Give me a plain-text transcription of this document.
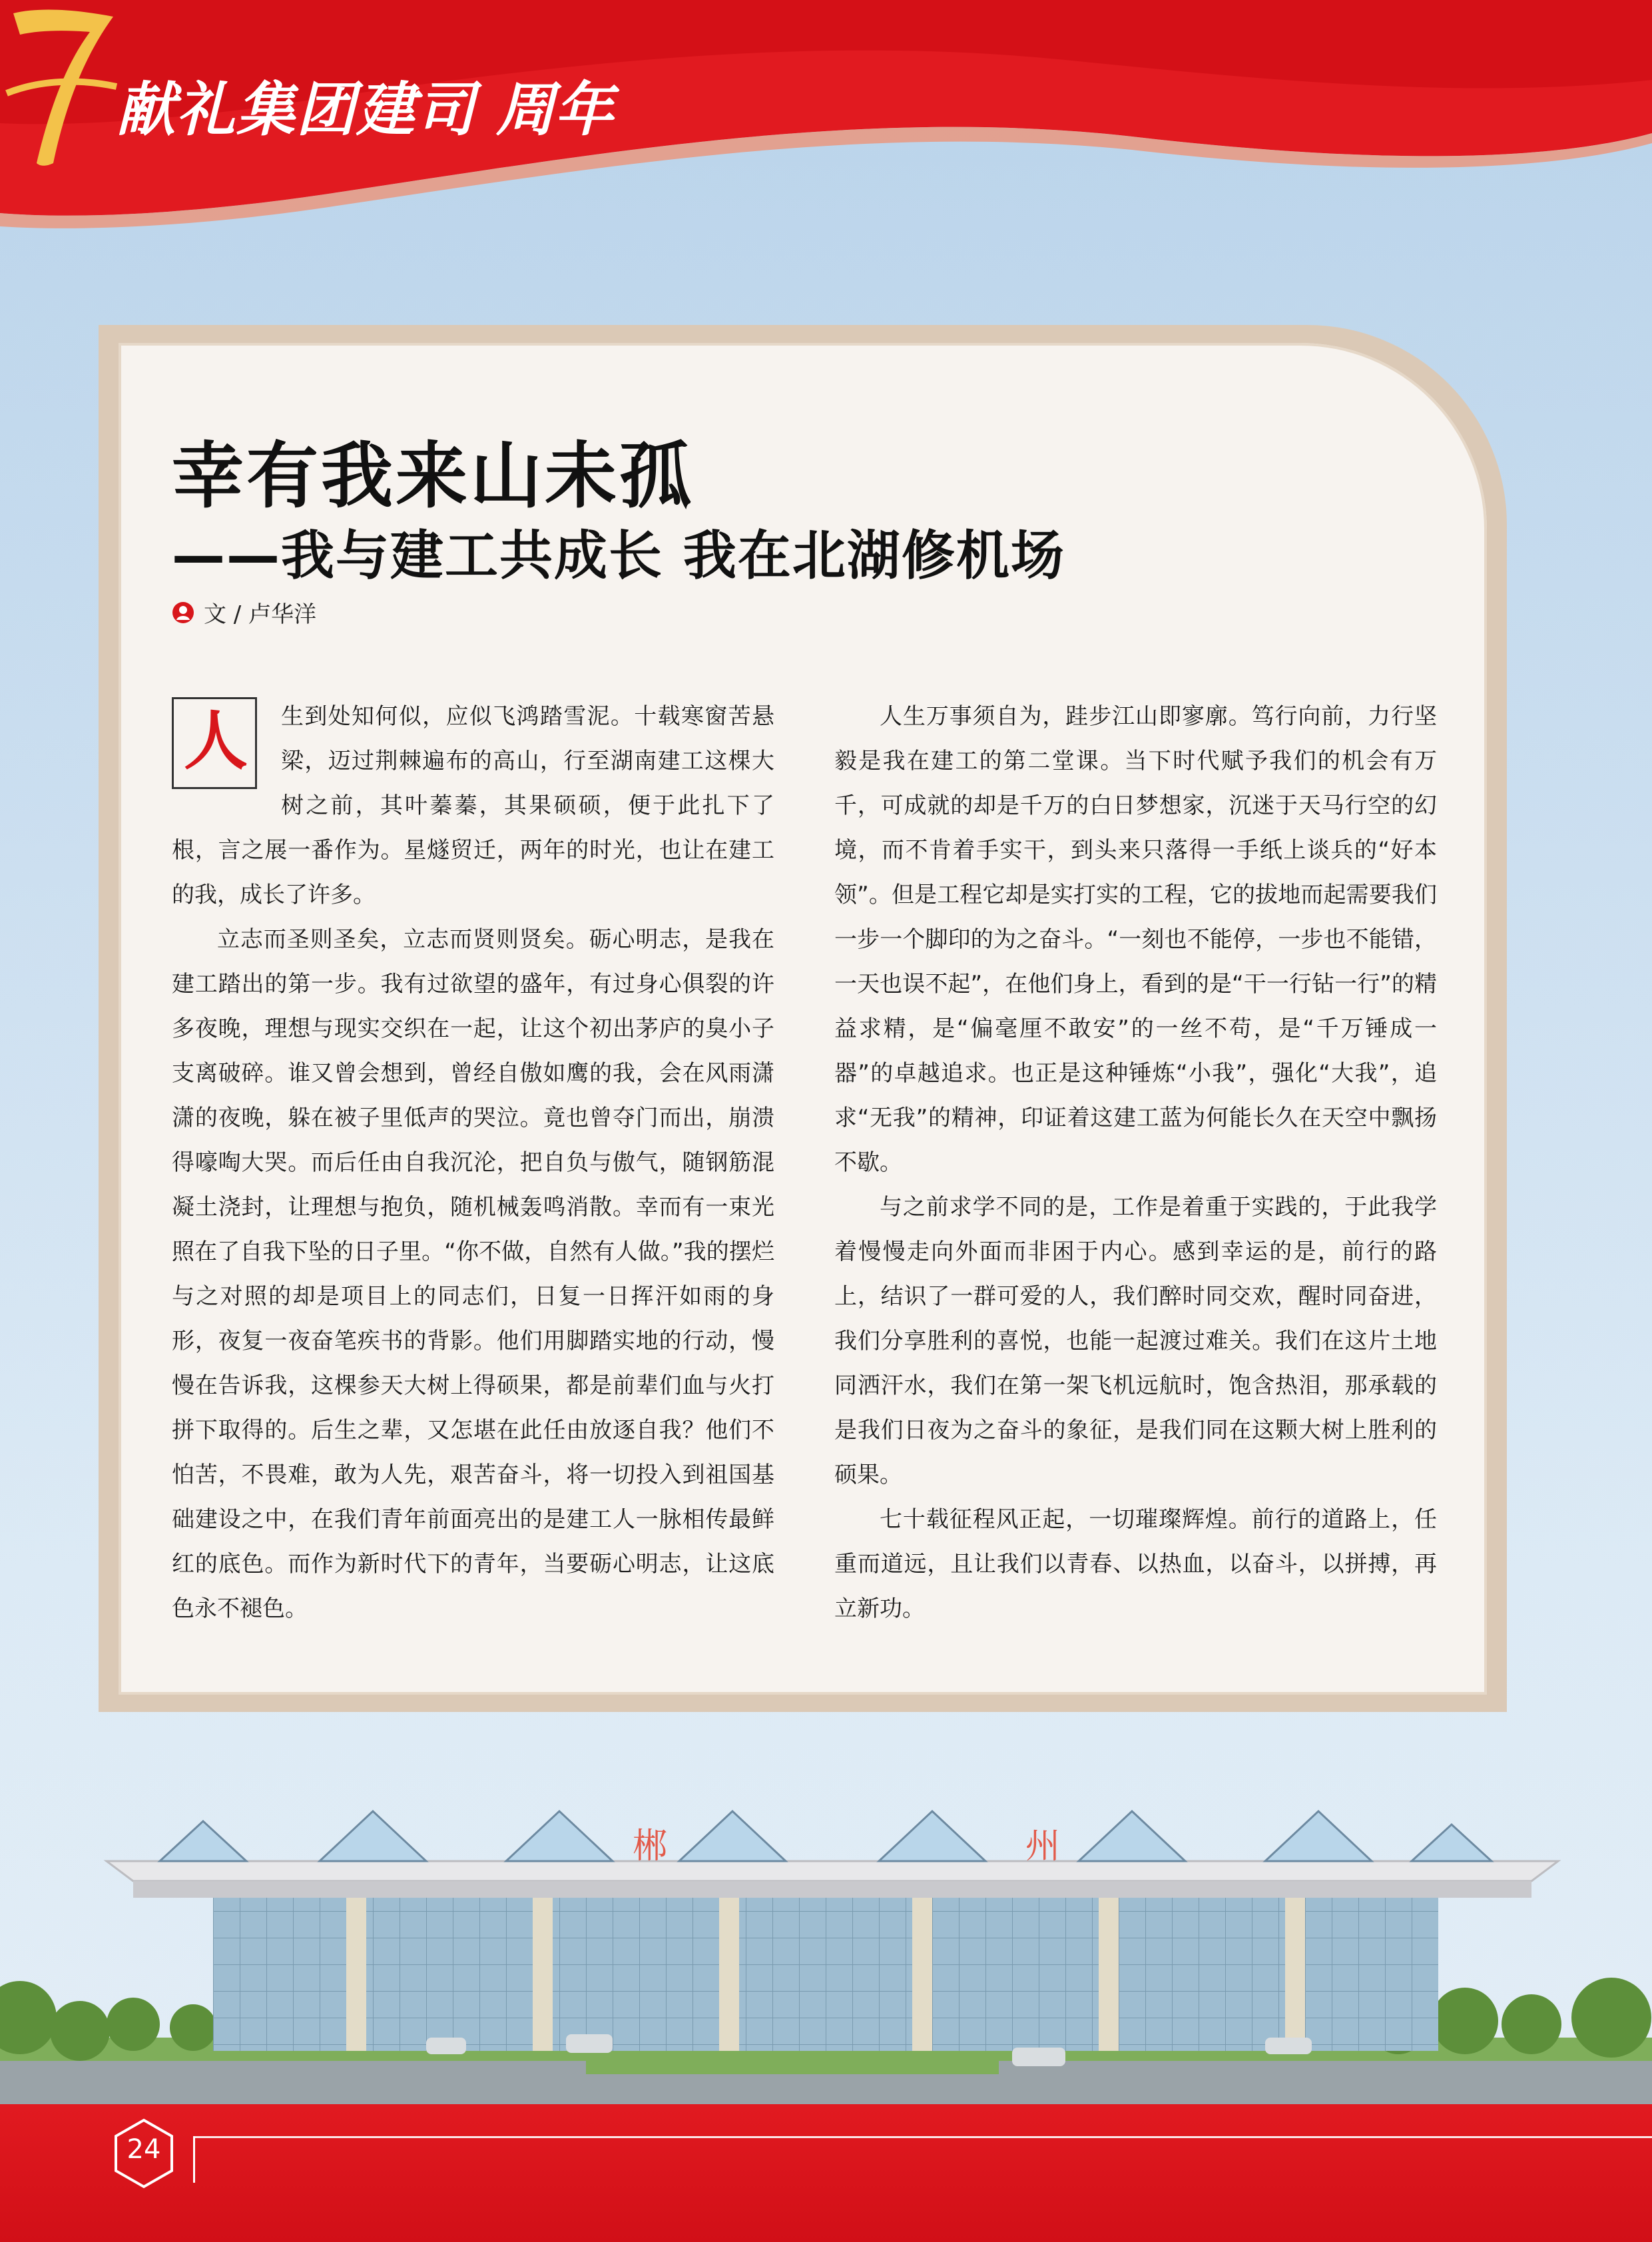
献礼集团建司 周年
幸有我来山未孤
——我与建工共成长 我在北湖修机场
文 / 卢华洋

人 生到处知何似，应似飞鸿踏雪泥。十载寒窗苦悬梁，迈过荆棘遍布的高山，行至湖南建工这棵大树之前，其叶蓁蓁，其果硕硕，便于此扎下了根，言之展一番作为。星燧贸迁，两年的时光，也让在建工的我，成长了许多。

立志而圣则圣矣，立志而贤则贤矣。砺心明志，是我在建工踏出的第一步。我有过欲望的盛年，有过身心俱裂的许多夜晚，理想与现实交织在一起，让这个初出茅庐的臭小子支离破碎。谁又曾会想到，曾经自傲如鹰的我，会在风雨潇潇的夜晚，躲在被子里低声的哭泣。竟也曾夺门而出，崩溃得嚎啕大哭。而后任由自我沉沦，把自负与傲气，随钢筋混凝土浇封，让理想与抱负，随机械轰鸣消散。幸而有一束光照在了自我下坠的日子里。“你不做，自然有人做。”我的摆烂与之对照的却是项目上的同志们，日复一日挥汗如雨的身形，夜复一夜奋笔疾书的背影。他们用脚踏实地的行动，慢慢在告诉我，这棵参天大树上得硕果，都是前辈们血与火打拼下取得的。后生之辈，又怎堪在此任由放逐自我？他们不怕苦，不畏难，敢为人先，艰苦奋斗，将一切投入到祖国基础建设之中，在我们青年前面亮出的是建工人一脉相传最鲜红的底色。而作为新时代下的青年，当要砺心明志，让这底色永不褪色。

人生万事须自为，跬步江山即寥廓。笃行向前，力行坚毅是我在建工的第二堂课。当下时代赋予我们的机会有万千，可成就的却是千万的白日梦想家，沉迷于天马行空的幻境，而不肯着手实干，到头来只落得一手纸上谈兵的“好本领”。但是工程它却是实打实的工程，它的拔地而起需要我们一步一个脚印的为之奋斗。“一刻也不能停，一步也不能错，一天也误不起”，在他们身上，看到的是“干一行钻一行”的精益求精，是“偏毫厘不敢安”的一丝不苟，是“千万锤成一器”的卓越追求。也正是这种锤炼“小我”，强化“大我”，追求“无我”的精神，印证着这建工蓝为何能长久在天空中飘扬不歇。

与之前求学不同的是，工作是着重于实践的，于此我学着慢慢走向外面而非困于内心。感到幸运的是，前行的路上，结识了一群可爱的人，我们醉时同交欢，醒时同奋进，我们分享胜利的喜悦，也能一起渡过难关。我们在这片土地同洒汗水，我们在第一架飞机远航时，饱含热泪，那承载的是我们日夜为之奋斗的象征，是我们同在这颗大树上胜利的硕果。

七十载征程风正起，一切璀璨辉煌。前行的道路上，任重而道远，且让我们以青春、以热血，以奋斗，以拼搏，再立新功。

郴	州
24
